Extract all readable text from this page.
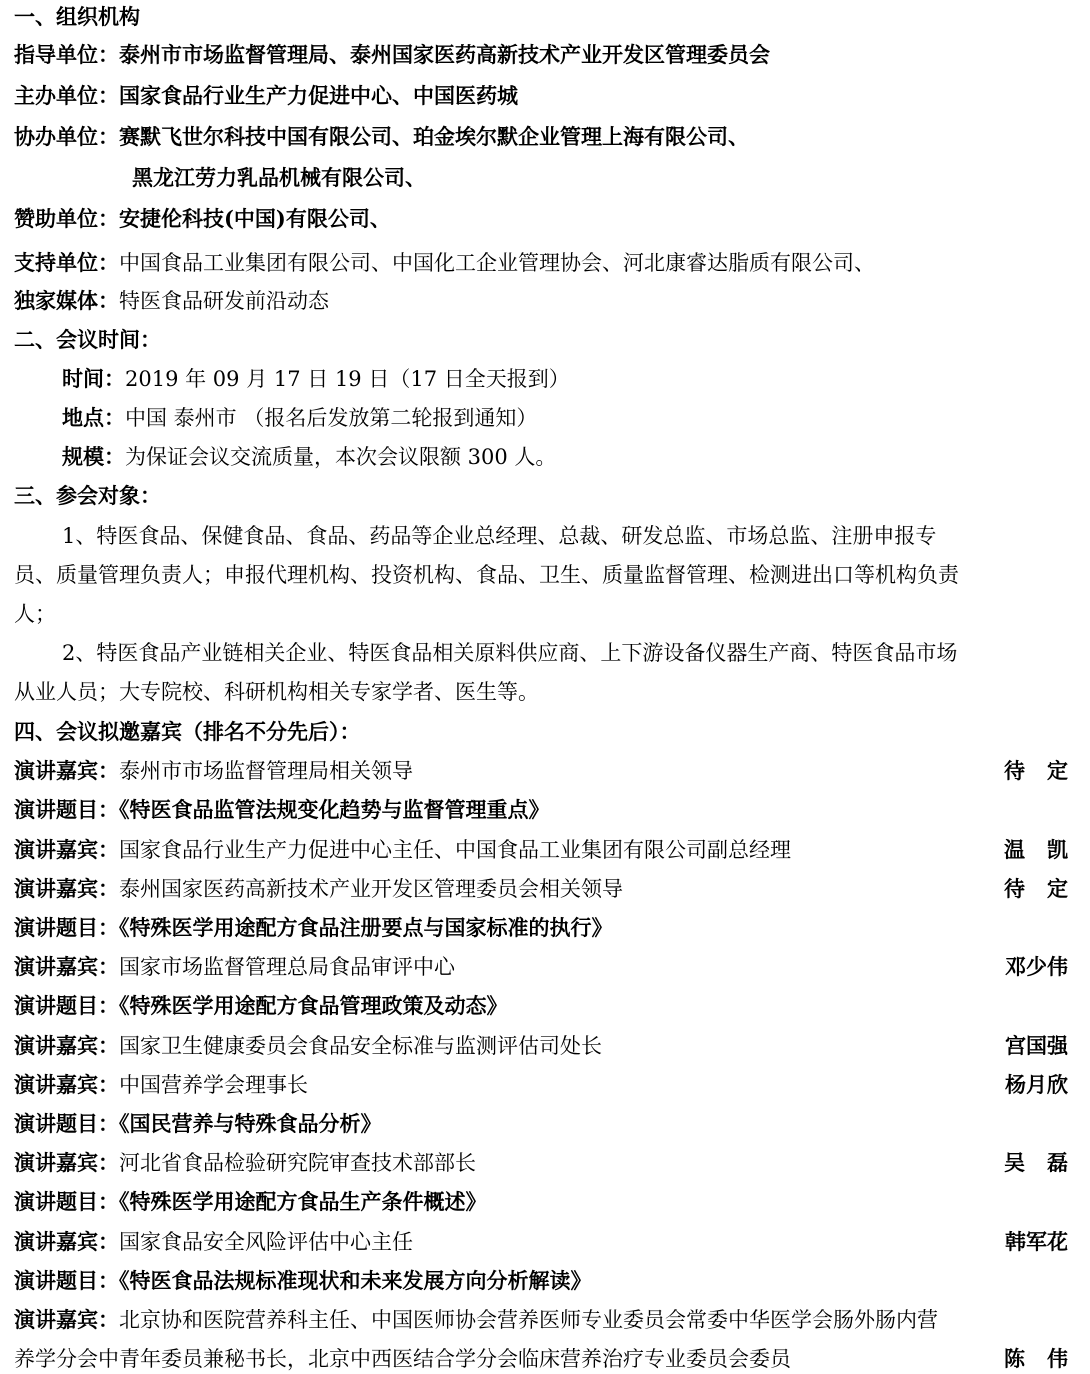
一、组织机构
指导单位：泰州市市场监督管理局、泰州国家医药高新技术产业开发区管理委员会
主办单位：国家食品行业生产力促进中心、中国医药城
协办单位：赛默飞世尔科技中国有限公司、珀金埃尔默企业管理上海有限公司、
黑龙江劳力乳品机械有限公司、
赞助单位：安捷伦科技(中国)有限公司、
支持单位：中国食品工业集团有限公司、中国化工企业管理协会、河北康睿达脂质有限公司、
独家媒体：特医食品研发前沿动态
二、会议时间：
时间：2019 年 09 月 17 日 19 日（17 日全天报到）
地点：中国 泰州市 （报名后发放第二轮报到通知）
规模：为保证会议交流质量，本次会议限额 300 人。
三、参会对象：
1、特医食品、保健食品、食品、药品等企业总经理、总裁、研发总监、市场总监、注册申报专
员、质量管理负责人；申报代理机构、投资机构、食品、卫生、质量监督管理、检测进出口等机构负责
人；
2、特医食品产业链相关企业、特医食品相关原料供应商、上下游设备仪器生产商、特医食品市场
从业人员；大专院校、科研机构相关专家学者、医生等。
四、会议拟邀嘉宾（排名不分先后）：
演讲嘉宾：泰州市市场监督管理局相关领导	待定
演讲题目：《特医食品监管法规变化趋势与监督管理重点》
演讲嘉宾：国家食品行业生产力促进中心主任、中国食品工业集团有限公司副总经理	温凯
演讲嘉宾：泰州国家医药高新技术产业开发区管理委员会相关领导	待定
演讲题目：《特殊医学用途配方食品注册要点与国家标准的执行》
演讲嘉宾：国家市场监督管理总局食品审评中心	邓少伟
演讲题目：《特殊医学用途配方食品管理政策及动态》
演讲嘉宾：国家卫生健康委员会食品安全标准与监测评估司处长	宫国强
演讲嘉宾：中国营养学会理事长	杨月欣
演讲题目：《国民营养与特殊食品分析》
演讲嘉宾：河北省食品检验研究院审查技术部部长	吴磊
演讲题目：《特殊医学用途配方食品生产条件概述》
演讲嘉宾：国家食品安全风险评估中心主任	韩军花
演讲题目：《特医食品法规标准现状和未来发展方向分析解读》
演讲嘉宾：北京协和医院营养科主任、中国医师协会营养医师专业委员会常委中华医学会肠外肠内营
养学分会中青年委员兼秘书长，北京中西医结合学分会临床营养治疗专业委员会委员	陈伟
